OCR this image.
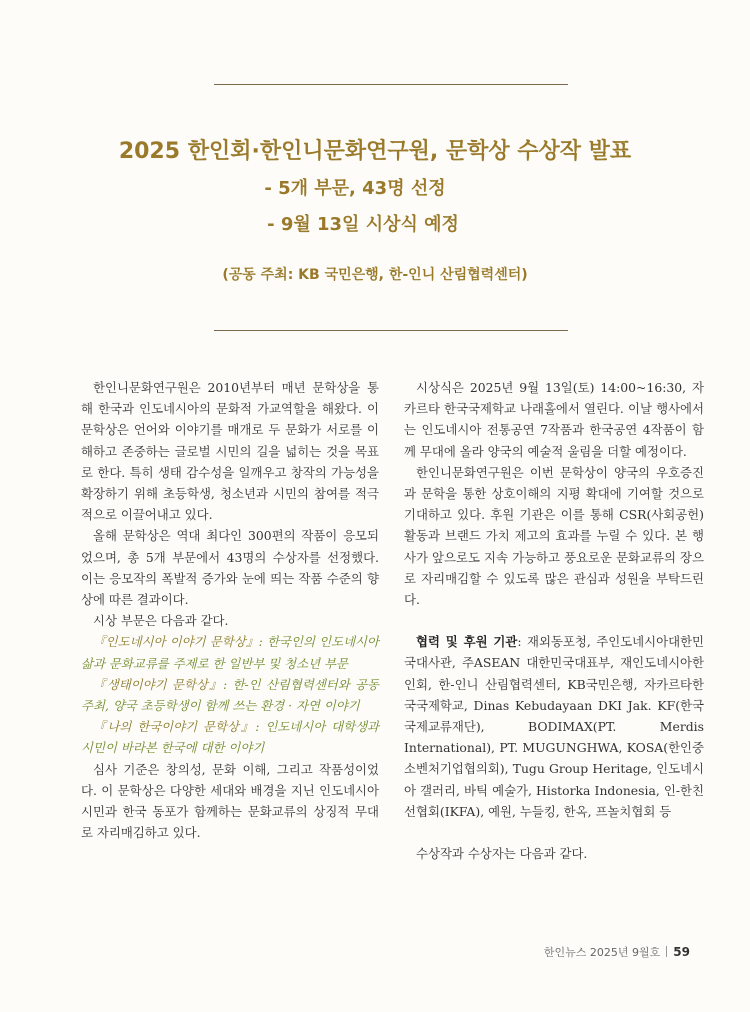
2025 한인회·한인니문화연구원, 문학상 수상작 발표
- 5개 부문, 43명 선정
- 9월 13일 시상식 예정
(공동 주최: KB 국민은행, 한-인니 산림협력센터)

한인니문화연구원은 2010년부터 매년 문학상을 통해 한국과 인도네시아의 문화적 가교역할을 해왔다. 이 문학상은 언어와 이야기를 매개로 두 문화가 서로를 이해하고 존중하는 글로벌 시민의 길을 넓히는 것을 목표로 한다. 특히 생태 감수성을 일깨우고 창작의 가능성을 확장하기 위해 초등학생, 청소년과 시민의 참여를 적극적으로 이끌어내고 있다.

올해 문학상은 역대 최다인 300편의 작품이 응모되었으며, 총 5개 부문에서 43명의 수상자를 선정했다. 이는 응모작의 폭발적 증가와 눈에 띄는 작품 수준의 향상에 따른 결과이다.

시상 부문은 다음과 같다.

『인도네시아 이야기 문학상』: 한국인의 인도네시아 삶과 문화교류를 주제로 한 일반부 및 청소년 부문

『생태이야기 문학상』: 한-인 산림협력센터와 공동 주최, 양국 초등학생이 함께 쓰는 환경 · 자연 이야기

『나의 한국이야기 문학상』: 인도네시아 대학생과 시민이 바라본 한국에 대한 이야기

심사 기준은 창의성, 문화 이해, 그리고 작품성이었다. 이 문학상은 다양한 세대와 배경을 지닌 인도네시아 시민과 한국 동포가 함께하는 문화교류의 상징적 무대로 자리매김하고 있다.

시상식은 2025년 9월 13일(토) 14:00~16:30, 자카르타 한국국제학교 나래홀에서 열린다. 이날 행사에서는 인도네시아 전통공연 7작품과 한국공연 4작품이 함께 무대에 올라 양국의 예술적 울림을 더할 예정이다.

한인니문화연구원은 이번 문학상이 양국의 우호증진과 문학을 통한 상호이해의 지평 확대에 기여할 것으로 기대하고 있다. 후원 기관은 이를 통해 CSR(사회공헌) 활동과 브랜드 가치 제고의 효과를 누릴 수 있다. 본 행사가 앞으로도 지속 가능하고 풍요로운 문화교류의 장으로 자리매김할 수 있도록 많은 관심과 성원을 부탁드린다.

협력 및 후원 기관: 재외동포청, 주인도네시아대한민국대사관, 주ASEAN 대한민국대표부, 재인도네시아한인회, 한-인니 산림협력센터, KB국민은행, 자카르타한국국제학교, Dinas Kebudayaan DKI Jak. KF(한국국제교류재단), BODIMAX(PT. Merdis International), PT. MUGUNGHWA, KOSA(한인중소벤처기업협의회), Tugu Group Heritage, 인도네시아 갤러리, 바틱 예술가, Historka Indonesia, 인-한친선협회(IKFA), 예원, 누들킹, 한옥, 프놀치협회 등

수상작과 수상자는 다음과 같다.

한인뉴스 2025년 9월호 59
